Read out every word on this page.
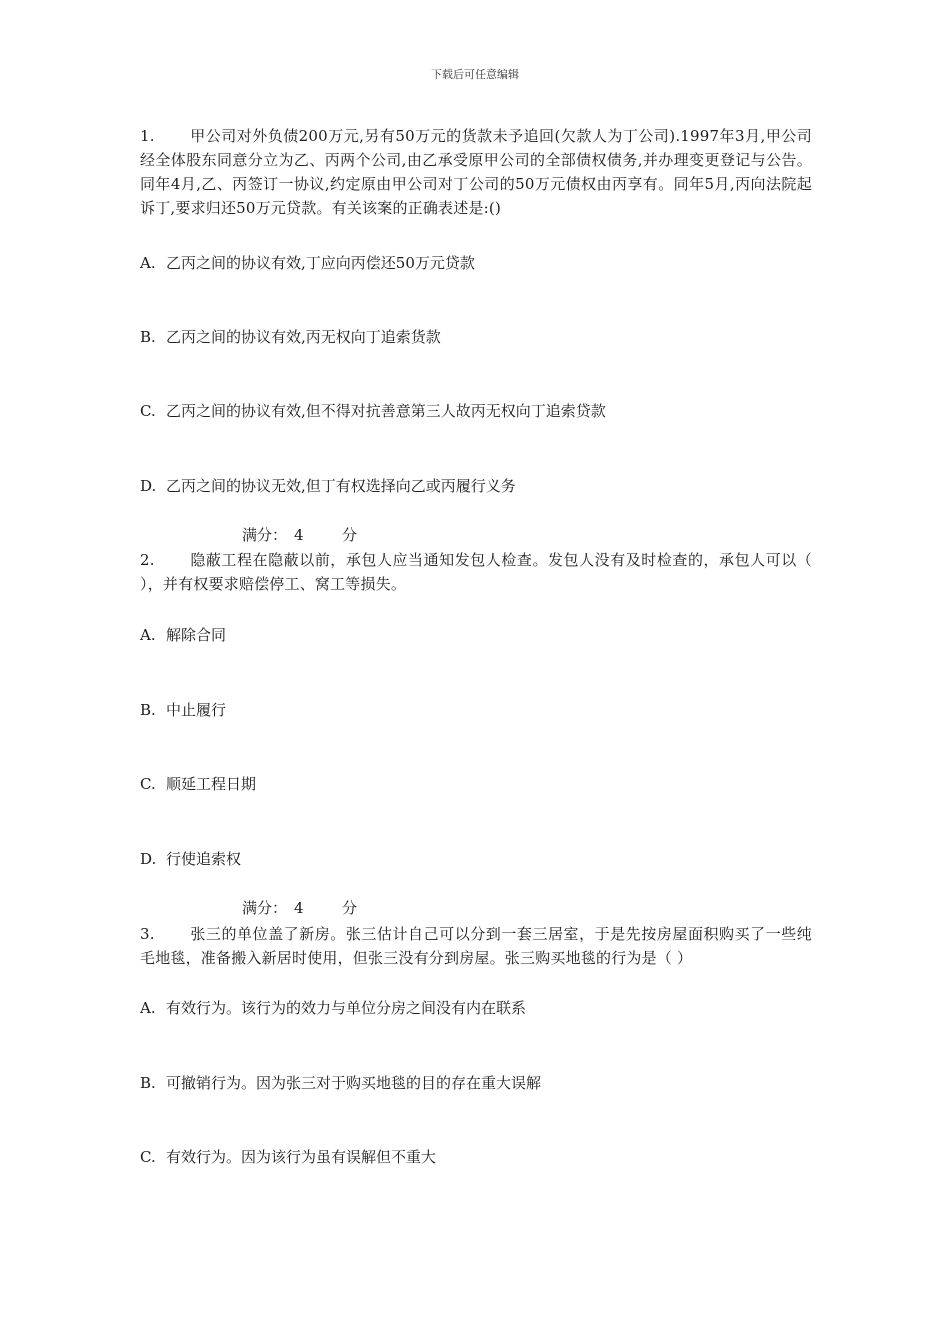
下载后可任意编辑

1. 甲公司对外负债200万元,另有50万元的货款未予追回(欠款人为丁公司).1997年3月,甲公司经全体股东同意分立为乙、丙两个公司,由乙承受原甲公司的全部债权债务,并办理变更登记与公告。同年4月,乙、丙签订一协议,约定原由甲公司对丁公司的50万元债权由丙享有。同年5月,丙向法院起诉丁,要求归还50万元贷款。有关该案的正确表述是:()

A. 乙丙之间的协议有效,丁应向丙偿还50万元贷款
B. 乙丙之间的协议有效,丙无权向丁追索货款
C. 乙丙之间的协议有效,但不得对抗善意第三人故丙无权向丁追索贷款
D. 乙丙之间的协议无效,但丁有权选择向乙或丙履行义务
满分： 4	分

2. 隐蔽工程在隐蔽以前，承包人应当通知发包人检查。发包人没有及时检查的，承包人可以（ ），并有权要求赔偿停工、窝工等损失。

A. 解除合同
B. 中止履行
C. 顺延工程日期
D. 行使追索权
满分： 4	分

3. 张三的单位盖了新房。张三估计自己可以分到一套三居室，于是先按房屋面积购买了一些纯毛地毯，准备搬入新居时使用，但张三没有分到房屋。张三购买地毯的行为是（ ）

A. 有效行为。该行为的效力与单位分房之间没有内在联系
B. 可撤销行为。因为张三对于购买地毯的目的存在重大误解
C. 有效行为。因为该行为虽有误解但不重大
